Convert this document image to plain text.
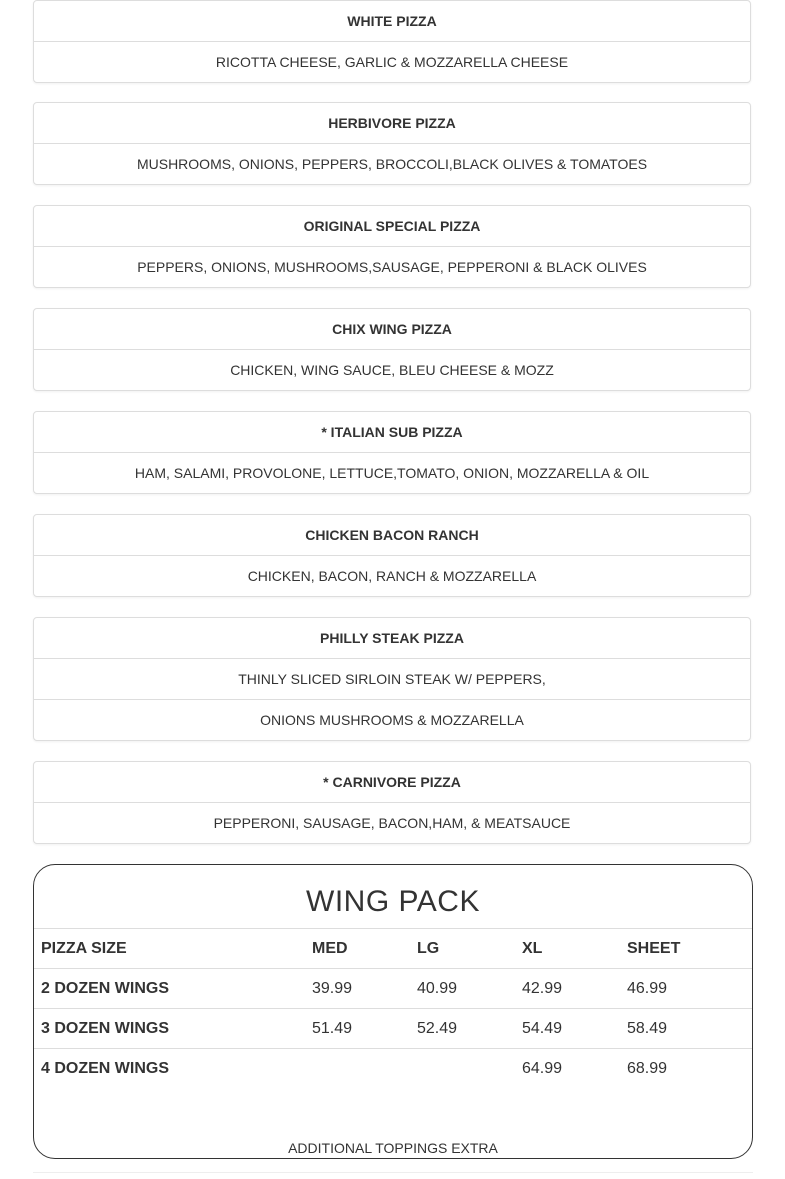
WHITE PIZZA
RICOTTA CHEESE, GARLIC & MOZZARELLA CHEESE
HERBIVORE PIZZA
MUSHROOMS, ONIONS, PEPPERS, BROCCOLI,BLACK OLIVES & TOMATOES
ORIGINAL SPECIAL PIZZA
PEPPERS, ONIONS, MUSHROOMS,SAUSAGE, PEPPERONI & BLACK OLIVES
CHIX WING PIZZA
CHICKEN, WING SAUCE, BLEU CHEESE & MOZZ
* ITALIAN SUB PIZZA
HAM, SALAMI, PROVOLONE, LETTUCE,TOMATO, ONION, MOZZARELLA & OIL
CHICKEN BACON RANCH
CHICKEN, BACON, RANCH & MOZZARELLA
PHILLY STEAK PIZZA
THINLY SLICED SIRLOIN STEAK W/ PEPPERS,
ONIONS MUSHROOMS & MOZZARELLA
* CARNIVORE PIZZA
PEPPERONI, SAUSAGE, BACON,HAM, & MEATSAUCE
WING PACK
PIZZA SIZE	MED	LG	XL	SHEET
2 DOZEN WINGS	39.99	40.99	42.99	46.99
3 DOZEN WINGS	51.49	52.49	54.49	58.49
4 DOZEN WINGS			64.99	68.99
ADDITIONAL TOPPINGS EXTRA
